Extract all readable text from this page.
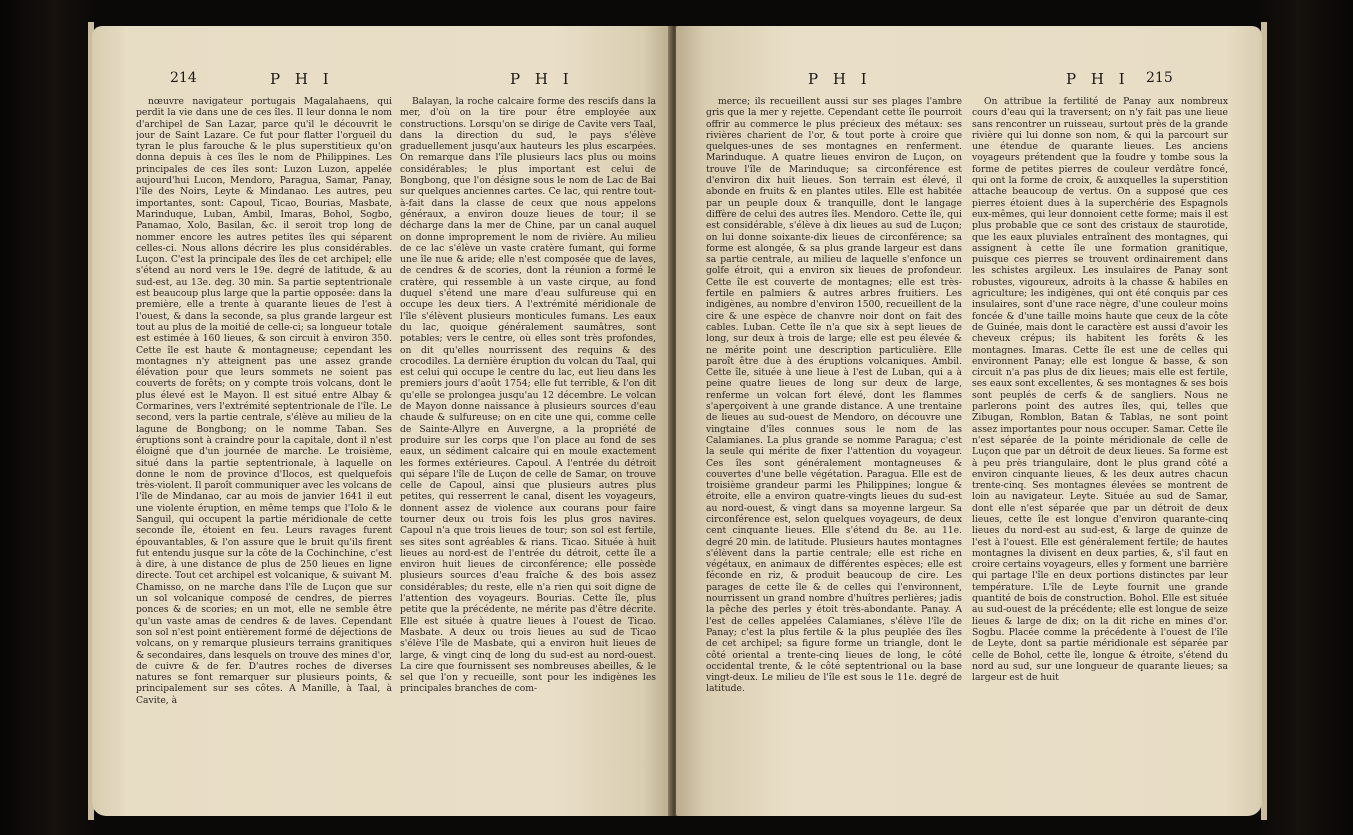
214	P H I	P H I

nœuvre navigateur portugais Magalahaens, qui perdit la vie dans une de ces îles. Il leur donna le nom d'archipel de San Lazar, parce qu'il le découvrit le jour de Saint Lazare. Ce fut pour flatter l'orgueil du tyran le plus farouche & le plus superstitieux qu'on donna depuis à ces îles le nom de Philippines. Les principales de ces îles sont: Luzon Luzon, appelée aujourd'hui Lucon, Mendoro, Paragua, Samar, Panay, l'île des Noirs, Leyte & Mindanao. Les autres, peu importantes, sont: Capoul, Ticao, Bourias, Masbate, Marinduque, Luban, Ambil, Imaras, Bohol, Sogbo, Panamao, Xolo, Basilan, &c. il seroit trop long de nommer encore les autres petites îles qui séparent celles-ci. Nous allons décrire les plus considérables. Luçon. C'est la principale des îles de cet archipel; elle s'étend au nord vers le 19e. degré de latitude, & au sud-est, au 13e. deg. 30 min. Sa partie septentrionale est beaucoup plus large que la partie opposée: dans la première, elle a trente à quarante lieues de l'est à l'ouest, & dans la seconde, sa plus grande largeur est tout au plus de la moitié de celle-ci; sa longueur totale est estimée à 160 lieues, & son circuit à environ 350. Cette île est haute & montagneuse; cependant les montagnes n'y atteignent pas une assez grande élévation pour que leurs sommets ne soient pas couverts de forêts; on y compte trois volcans, dont le plus élevé est le Mayon. Il est situé entre Albay & Cormarines, vers l'extrémité septentrionale de l'île. Le second, vers la partie centrale, s'élève au milieu de la lagune de Bongbong; on le nomme Taban. Ses éruptions sont à craindre pour la capitale, dont il n'est éloigné que d'un journée de marche. Le troisième, situé dans la partie septentrionale, à laquelle on donne le nom de province d'Ilocos, est quelquefois très-violent. Il paroît communiquer avec les volcans de l'île de Mindanao, car au mois de janvier 1641 il eut une violente éruption, en même temps que l'Iolo & le Sanguil, qui occupent la partie méridionale de cette seconde île, étoient en feu. Leurs ravages furent épouvantables, & l'on assure que le bruit qu'ils firent fut entendu jusque sur la côte de la Cochinchine, c'est à dire, à une distance de plus de 250 lieues en ligne directe. Tout cet archipel est volcanique, & suivant M. Chamisso, on ne marche dans l'île de Luçon que sur un sol volcanique composé de cendres, de pierres ponces & de scories; en un mot, elle ne semble être qu'un vaste amas de cendres & de laves. Cependant son sol n'est point entièrement formé de déjections de volcans, on y remarque plusieurs terrains granitiques & secondaires, dans lesquels on trouve des mines d'or, de cuivre & de fer. D'autres roches de diverses natures se font remarquer sur plusieurs points, & principalement sur ses côtes. A Manille, à Taal, à Cavite, à

Balayan, la roche calcaire forme des rescifs dans la mer, d'où on la tire pour être employée aux constructions. Lorsqu'on se dirige de Cavite vers Taal, dans la direction du sud, le pays s'élève graduellement jusqu'aux hauteurs les plus escarpées. On remarque dans l'île plusieurs lacs plus ou moins considérables; le plus important est celui de Bongbong, que l'on désigne sous le nom de Lac de Bai sur quelques anciennes cartes. Ce lac, qui rentre tout-à-fait dans la classe de ceux que nous appelons généraux, a environ douze lieues de tour; il se décharge dans la mer de Chine, par un canal auquel on donne improprement le nom de rivière. Au milieu de ce lac s'élève un vaste cratère fumant, qui forme une île nue & aride; elle n'est composée que de laves, de cendres & de scories, dont la réunion a formé le cratère, qui ressemble à un vaste cirque, au fond duquel s'étend une mare d'eau sulfureuse qui en occupe les deux tiers. A l'extrémité méridionale de l'île s'élèvent plusieurs monticules fumans. Les eaux du lac, quoique généralement saumâtres, sont potables; vers le centre, où elles sont très profondes, on dit qu'elles nourrissent des requins & des crocodiles. La dernière éruption du volcan du Taal, qui est celui qui occupe le centre du lac, eut lieu dans les premiers jours d'août 1754; elle fut terrible, & l'on dit qu'elle se prolongea jusqu'au 12 décembre. Le volcan de Mayon donne naissance à plusieurs sources d'eau chaude & sulfureuse; on en cite une qui, comme celle de Sainte-Allyre en Auvergne, a la propriété de produire sur les corps que l'on place au fond de ses eaux, un sédiment calcaire qui en moule exactement les formes extérieures. Capoul. A l'entrée du détroit qui sépare l'île de Luçon de celle de Samar, on trouve celle de Capoul, ainsi que plusieurs autres plus petites, qui resserrent le canal, disent les voyageurs, donnent assez de violence aux courans pour faire tourner deux ou trois fois les plus gros navires. Capoul n'a que trois lieues de tour; son sol est fertile, ses sites sont agréables & rians. Ticao. Située à huit lieues au nord-est de l'entrée du détroit, cette île a environ huit lieues de circonférence; elle possède plusieurs sources d'eau fraîche & des bois assez considérables; du reste, elle n'a rien qui soit digne de l'attention des voyageurs. Bourias. Cette île, plus petite que la précédente, ne mérite pas d'être décrite. Elle est située à quatre lieues à l'ouest de Ticao. Masbate. A deux ou trois lieues au sud de Ticao s'élève l'île de Masbate, qui a environ huit lieues de large, & vingt cinq de long du sud-est au nord-ouest. La cire que fournissent ses nombreuses abeilles, & le sel que l'on y recueille, sont pour les indigènes les principales branches de com-

P H I	P H I 215

merce; ils recueillent aussi sur ses plages l'ambre gris que la mer y rejette. Cependant cette île pourroit offrir au commerce le plus précieux des métaux: ses rivières charient de l'or, & tout porte à croire que quelques-unes de ses montagnes en renferment. Marinduque. A quatre lieues environ de Luçon, on trouve l'île de Marinduque; sa circonférence est d'environ dix huit lieues. Son terrain est élevé, il abonde en fruits & en plantes utiles. Elle est habitée par un peuple doux & tranquille, dont le langage diffère de celui des autres îles. Mendoro. Cette île, qui est considérable, s'élève à dix lieues au sud de Luçon; on lui donne soixante-dix lieues de circonférence; sa forme est alongée, & sa plus grande largeur est dans sa partie centrale, au milieu de laquelle s'enfonce un golfe étroit, qui a environ six lieues de profondeur. Cette île est couverte de montagnes; elle est très-fertile en palmiers & autres arbres fruitiers. Les indigènes, au nombre d'environ 1500, recueillent de la cire & une espèce de chanvre noir dont on fait des cables. Luban. Cette île n'a que six à sept lieues de long, sur deux à trois de large; elle est peu élevée & ne mérite point une description particulière. Elle paroît être due à des éruptions volcaniques. Ambil. Cette île, située à une lieue à l'est de Luban, qui a à peine quatre lieues de long sur deux de large, renferme un volcan fort élevé, dont les flammes s'aperçoivent à une grande distance. A une trentaine de lieues au sud-ouest de Mendoro, on découvre une vingtaine d'îles connues sous le nom de las Calamianes. La plus grande se nomme Paragua; c'est la seule qui mérite de fixer l'attention du voyageur. Ces îles sont généralement montagneuses & couvertes d'une belle végétation. Paragua. Elle est de troisième grandeur parmi les Philippines; longue & étroite, elle a environ quatre-vingts lieues du sud-est au nord-ouest, & vingt dans sa moyenne largeur. Sa circonférence est, selon quelques voyageurs, de deux cent cinquante lieues. Elle s'étend du 8e. au 11e. degré 20 min. de latitude. Plusieurs hautes montagnes s'élèvent dans la partie centrale; elle est riche en végétaux, en animaux de différentes espèces; elle est féconde en riz, & produit beaucoup de cire. Les parages de cette île & de celles qui l'environnent, nourrissent un grand nombre d'huîtres perlières; jadis la pêche des perles y étoit très-abondante. Panay. A l'est de celles appelées Calamianes, s'élève l'île de Panay; c'est la plus fertile & la plus peuplée des îles de cet archipel; sa figure forme un triangle, dont le côté oriental a trente-cinq lieues de long, le côté occidental trente, & le côté septentrional ou la base vingt-deux. Le milieu de l'île est sous le 11e. degré de latitude.

On attribue la fertilité de Panay aux nombreux cours d'eau qui la traversent; on n'y fait pas une lieue sans rencontrer un ruisseau, surtout près de la grande rivière qui lui donne son nom, & qui la parcourt sur une étendue de quarante lieues. Les anciens voyageurs prétendent que la foudre y tombe sous la forme de petites pierres de couleur verdâtre foncé, qui ont la forme de croix, & auxquelles la superstition attache beaucoup de vertus. On a supposé que ces pierres étoient dues à la superchérie des Espagnols eux-mêmes, qui leur donnoient cette forme; mais il est plus probable que ce sont des cristaux de staurotide, que les eaux pluviales entraînent des montagnes, qui assignent à cette île une formation granitique, puisque ces pierres se trouvent ordinairement dans les schistes argileux. Les insulaires de Panay sont robustes, vigoureux, adroits à la chasse & habiles en agriculture; les indigènes, qui ont été conquis par ces insulaires, sont d'une race nègre, d'une couleur moins foncée & d'une taille moins haute que ceux de la côte de Guinée, mais dont le caractère est aussi d'avoir les cheveux crépus; ils habitent les forêts & les montagnes. Imaras. Cette île est une de celles qui environnent Panay; elle est longue & basse, & son circuit n'a pas plus de dix lieues; mais elle est fertile, ses eaux sont excellentes, & ses montagnes & ses bois sont peuplés de cerfs & de sangliers. Nous ne parlerons point des autres îles, qui, telles que Zibugan, Romblon, Batan & Tablas, ne sont point assez importantes pour nous occuper. Samar. Cette île n'est séparée de la pointe méridionale de celle de Luçon que par un détroit de deux lieues. Sa forme est à peu près triangulaire, dont le plus grand côté a environ cinquante lieues, & les deux autres chacun trente-cinq. Ses montagnes élevées se montrent de loin au navigateur. Leyte. Située au sud de Samar, dont elle n'est séparée que par un détroit de deux lieues, cette île est longue d'environ quarante-cinq lieues du nord-est au sud-est, & large de quinze de l'est à l'ouest. Elle est généralement fertile; de hautes montagnes la divisent en deux parties, &, s'il faut en croire certains voyageurs, elles y forment une barrière qui partage l'île en deux portions distinctes par leur température. L'île de Leyte fournit une grande quantité de bois de construction. Bohol. Elle est située au sud-ouest de la précédente; elle est longue de seize lieues & large de dix; on la dit riche en mines d'or. Sogbu. Placée comme la précédente à l'ouest de l'île de Leyte, dont sa partie méridionale est séparée par celle de Bohol, cette île, longue & étroite, s'étend du nord au sud, sur une longueur de quarante lieues; sa largeur est de huit
